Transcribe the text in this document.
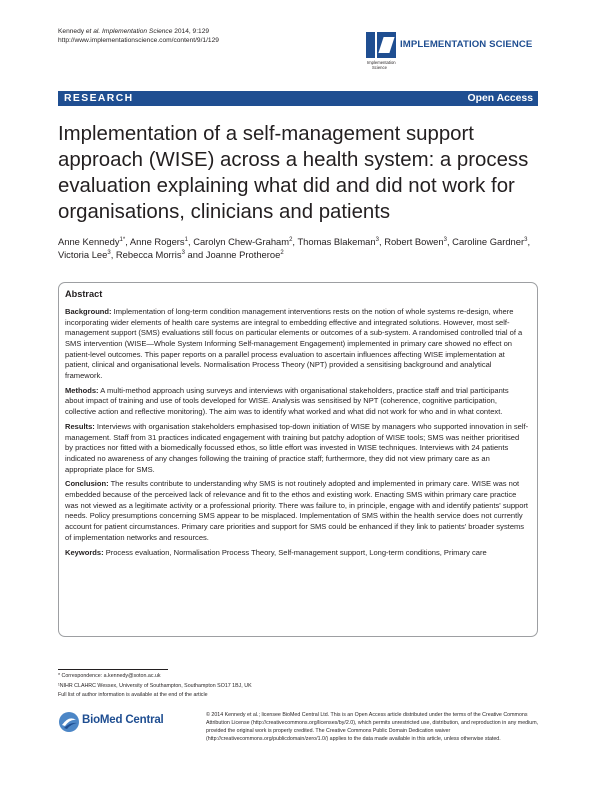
Kennedy et al. Implementation Science 2014, 9:129
http://www.implementationscience.com/content/9/1/129	IMPLEMENTATION SCIENCE
Implementation
Science
RESEARCH	Open Access
Implementation of a self-management support approach (WISE) across a health system: a process evaluation explaining what did and did not work for organisations, clinicians and patients
Anne Kennedy$^{1*}$, Anne Rogers$^1$, Carolyn Chew-Graham$^2$, Thomas Blakeman$^3$, Robert Bowen$^3$, Caroline Gardner$^3$, Victoria Lee$^3$, Rebecca Morris$^3$ and Joanne Protheroe$^2$
Abstract

Background: Implementation of long-term condition management interventions rests on the notion of whole systems re-design, where incorporating wider elements of health care systems are integral to embedding effective and integrated solutions. However, most self-management support (SMS) evaluations still focus on particular elements or outcomes of a sub-system. A randomised controlled trial of a SMS intervention (WISE—Whole System Informing Self-management Engagement) implemented in primary care showed no effect on patient-level outcomes. This paper reports on a parallel process evaluation to ascertain influences affecting WISE implementation at patient, clinical and organisational levels. Normalisation Process Theory (NPT) provided a sensitising background and analytical framework.

Methods: A multi-method approach using surveys and interviews with organisational stakeholders, practice staff and trial participants about impact of training and use of tools developed for WISE. Analysis was sensitised by NPT (coherence, cognitive participation, collective action and reflective monitoring). The aim was to identify what worked and what did not work for who and in what context.

Results: Interviews with organisation stakeholders emphasised top-down initiation of WISE by managers who supported innovation in self-management. Staff from 31 practices indicated engagement with training but patchy adoption of WISE tools; SMS was neither prioritised by practices nor fitted with a biomedically focussed ethos, so little effort was invested in WISE techniques. Interviews with 24 patients indicated no awareness of any changes following the training of practice staff; furthermore, they did not view primary care as an appropriate place for SMS.

Conclusion: The results contribute to understanding why SMS is not routinely adopted and implemented in primary care. WISE was not embedded because of the perceived lack of relevance and fit to the ethos and existing work. Enacting SMS within primary care practice was not viewed as a legitimate activity or a professional priority. There was failure to, in principle, engage with and identify patients' support needs. Policy presumptions concerning SMS appear to be misplaced. Implementation of SMS within the health service does not currently account for patient circumstances. Primary care priorities and support for SMS could be enhanced if they link to patients' broader systems of implementation networks and resources.

Keywords: Process evaluation, Normalisation Process Theory, Self-management support, Long-term conditions, Primary care

* Correspondence: a.kennedy@soton.ac.uk
¹NIHR CLAHRC Wessex, University of Southampton, Southampton SO17 1BJ, UK
Full list of author information is available at the end of the article
BioMed Central	© 2014 Kennedy et al.; licensee BioMed Central Ltd. This is an Open Access article distributed under the terms of the Creative Commons Attribution License (http://creativecommons.org/licenses/by/2.0), which permits unrestricted use, distribution, and reproduction in any medium, provided the original work is properly credited. The Creative Commons Public Domain Dedication waiver (http://creativecommons.org/publicdomain/zero/1.0/) applies to the data made available in this article, unless otherwise stated.
